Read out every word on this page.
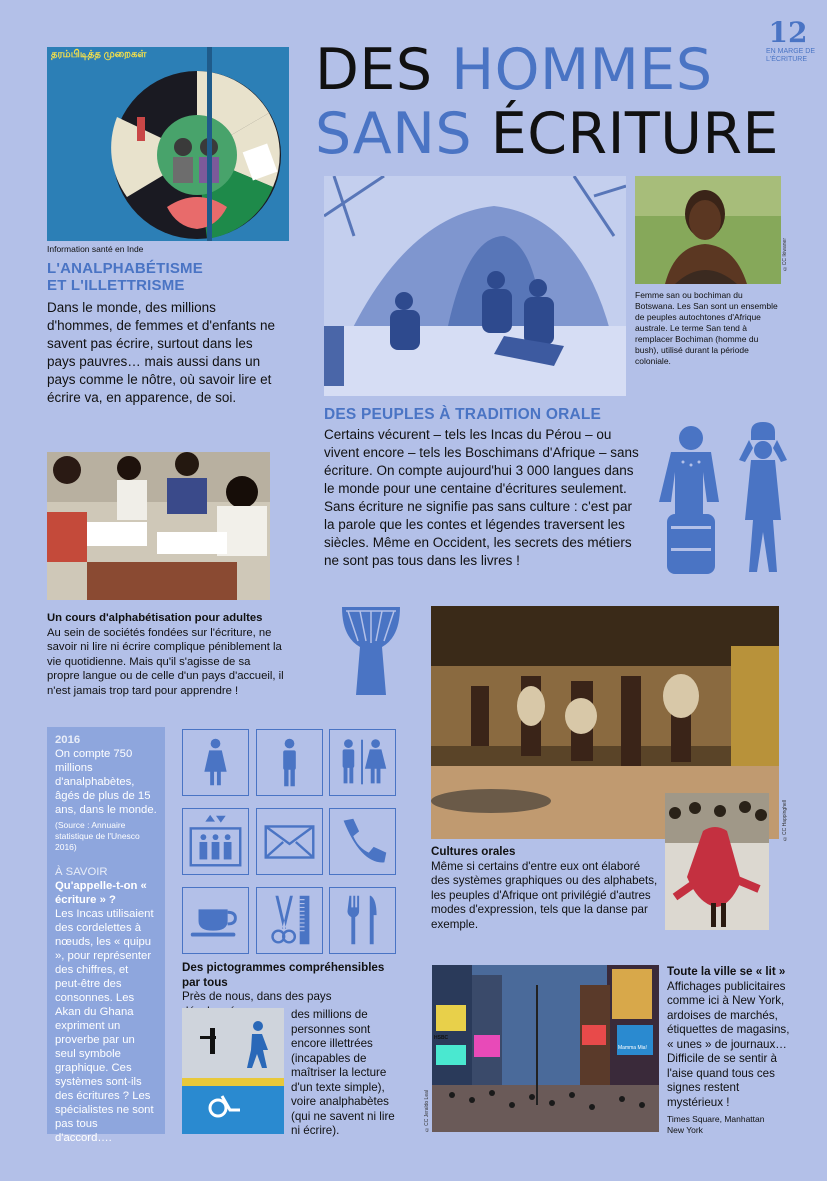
12
EN MARGE DE
L'ÉCRITURE
DES HOMMES
SANS ÉCRITURE
தரம்பிடித்த முறைகள்
Information santé en Inde
L'ANALPHABÉTISME
ET L'ILLETTRISME
Dans le monde, des millions d'hommes, de femmes et d'enfants ne savent pas écrire, surtout dans les pays pauvres… mais aussi dans un pays comme le nôtre, où savoir lire et écrire va, en apparence, de soi.
©CC Ikiwaner
Femme san ou bochiman du Botswana. Les San sont un ensemble de peuples autochtones d'Afrique australe. Le terme San tend à remplacer Bochiman (homme du bush), utilisé durant la période coloniale.
DES PEUPLES À TRADITION ORALE
Certains vécurent – tels les Incas du Pérou – ou vivent encore – tels les Boschimans d'Afrique – sans écriture. On compte aujourd'hui 3 000 langues dans le monde pour une centaine d'écritures seulement. Sans écriture ne signifie pas sans culture : c'est par la parole que les contes et légendes traversent les siècles. Même en Occident, les secrets des métiers ne sont pas tous dans les livres !
Un cours d'alphabétisation pour adultes
Au sein de sociétés fondées sur l'écriture, ne savoir ni lire ni écrire complique péniblement la vie quotidienne. Mais qu'il s'agisse de sa propre langue ou de celle d'un pays d'accueil, il n'est jamais trop tard pour apprendre !
©CC Happinghell
Cultures orales
Même si certains d'entre eux ont élaboré des systèmes graphiques ou des alphabets, les peuples d'Afrique ont privilégié d'autres modes d'expression, tels que la danse par exemple.
2016
On compte 750 millions d'analphabètes, âgés de plus de 15 ans, dans le monde.
(Source : Annuaire statistique de l'Unesco 2016)
À SAVOIR
Qu'appelle-t-on « écriture » ?
Les Incas utilisaient des cordelettes à nœuds, les « quipu », pour représenter des chiffres, et peut-être des consonnes. Les Akan du Ghana expriment un proverbe par un seul symbole graphique. Ces systèmes sont-ils des écritures ? Les spécialistes ne sont pas tous d'accord….
Des pictogrammes compréhensibles par tous
Près de nous, dans des pays
des millions de personnes sont encore illettrées (incapables de maîtriser la lecture d'un texte simple), voire analphabètes (qui ne savent ni lire ni écrire).
Mamma Mia!
HSBC
©CC Jeraldo Leal
Toute la ville se « lit »
Affichages publicitaires comme ici à New York, ardoises de marchés, étiquettes de magasins, « unes » de journaux… Difficile de se sentir à l'aise quand tous ces signes restent mystérieux !
Times Square, Manhattan
New York
